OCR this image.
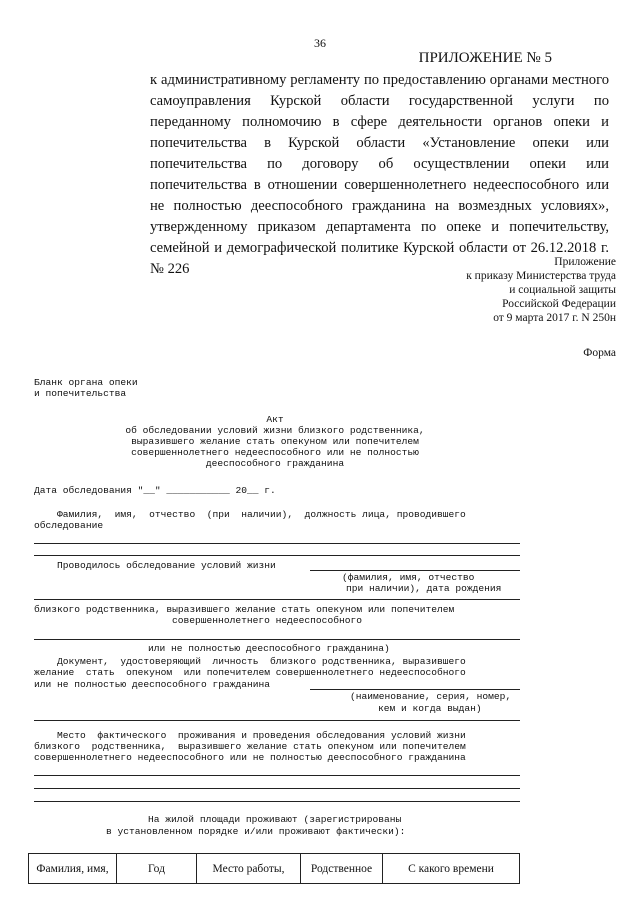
36
ПРИЛОЖЕНИЕ № 5

к административному регламенту по предоставлению органами местного самоуправления Курской области государственной услуги по переданному полномочию в сфере деятельности органов опеки и попечительства в Курской области «Установление опеки или попечительства по договору об осуществлении опеки или попечительства в отношении совершеннолетнего недееспособного или не полностью дееспособного гражданина на возмездных условиях», утвержденному приказом департамента по опеке и попечительству, семейной и демографической политике Курской области от 26.12.2018 г. № 226	Приложение
к приказу Министерства труда
и социальной защиты
Российской Федерации
от 9 марта 2017 г. N 250н
Форма
Бланк органа опеки
и попечительства
Акт
об обследовании условий жизни близкого родственника,
выразившего желание стать опекуном или попечителем
совершеннолетнего недееспособного или не полностью
дееспособного гражданина
Дата обследования "__" ___________ 20__ г.
Фамилия,  имя,  отчество  (при  наличии),  должность лица, проводившего
обследование
Проводилось обследование условий жизни
(фамилия, имя, отчество
при наличии), дата рождения
близкого родственника, выразившего желание стать опекуном или попечителем
совершеннолетнего недееспособного
или не полностью дееспособного гражданина)
Документ,  удостоверяющий  личность  близкого родственника, выразившего
желание  стать  опекуном  или попечителем совершеннолетнего недееспособного
или не полностью дееспособного гражданина
(наименование, серия, номер,
кем и когда выдан)
Место  фактического  проживания и проведения обследования условий жизни
близкого  родственника,  выразившего желание стать опекуном или попечителем
совершеннолетнего недееспособного или не полностью дееспособного гражданина
На жилой площади проживают (зарегистрированы
в установленном порядке и/или проживают фактически):
Фамилия, имя,	Год	Место работы,	Родственное	С какого времени
